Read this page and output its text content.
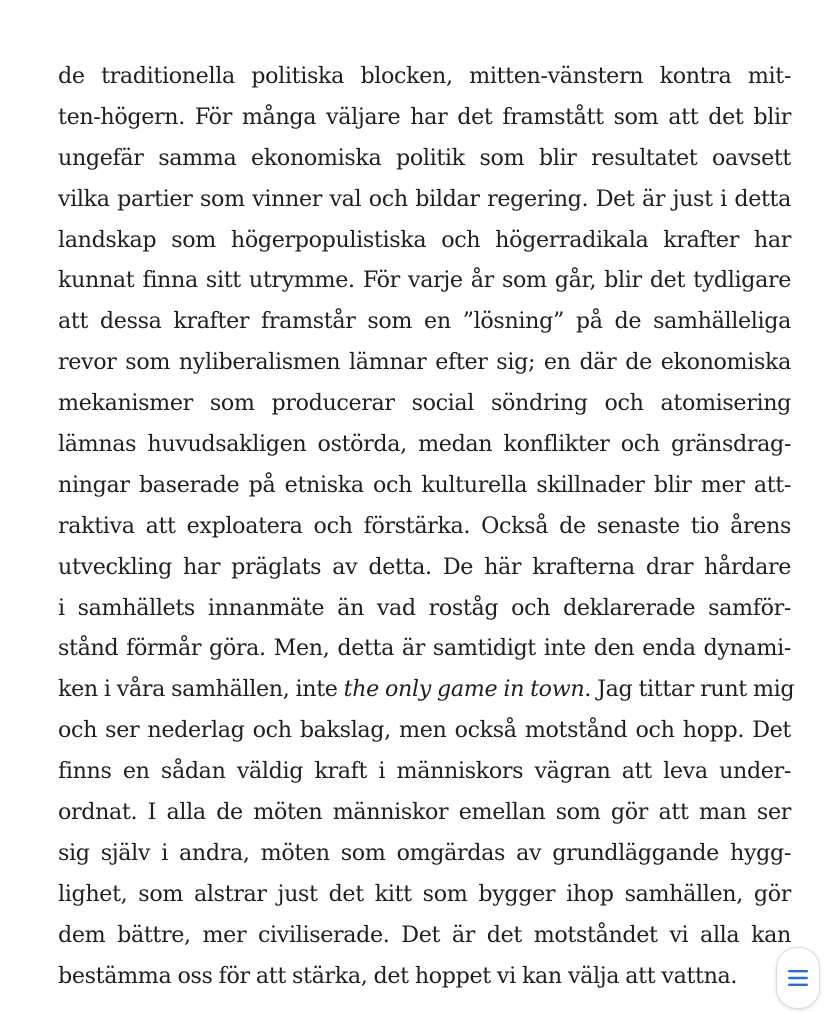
de traditionella politiska blocken, mitten-vänstern kontra mit-
ten-högern. För många väljare har det framstått som att det blir
ungefär samma ekonomiska politik som blir resultatet oavsett
vilka partier som vinner val och bildar regering. Det är just i detta
landskap som högerpopulistiska och högerradikala krafter har
kunnat finna sitt utrymme. För varje år som går, blir det tydligare
att dessa krafter framstår som en ”lösning” på de samhälleliga
revor som nyliberalismen lämnar efter sig; en där de ekonomiska
mekanismer som producerar social söndring och atomisering
lämnas huvudsakligen ostörda, medan konflikter och gränsdrag-
ningar baserade på etniska och kulturella skillnader blir mer att-
raktiva att exploatera och förstärka. Också de senaste tio årens
utveckling har präglats av detta. De här krafterna drar hårdare
i samhällets innanmäte än vad roståg och deklarerade samför-
stånd förmår göra. Men, detta är samtidigt inte den enda dynami-
ken i våra samhällen, inte the only game in town. Jag tittar runt mig
och ser nederlag och bakslag, men också motstånd och hopp. Det
finns en sådan väldig kraft i människors vägran att leva under-
ordnat. I alla de möten människor emellan som gör att man ser
sig själv i andra, möten som omgärdas av grundläggande hygg-
lighet, som alstrar just det kitt som bygger ihop samhällen, gör
dem bättre, mer civiliserade. Det är det motståndet vi alla kan
bestämma oss för att stärka, det hoppet vi kan välja att vattna.
